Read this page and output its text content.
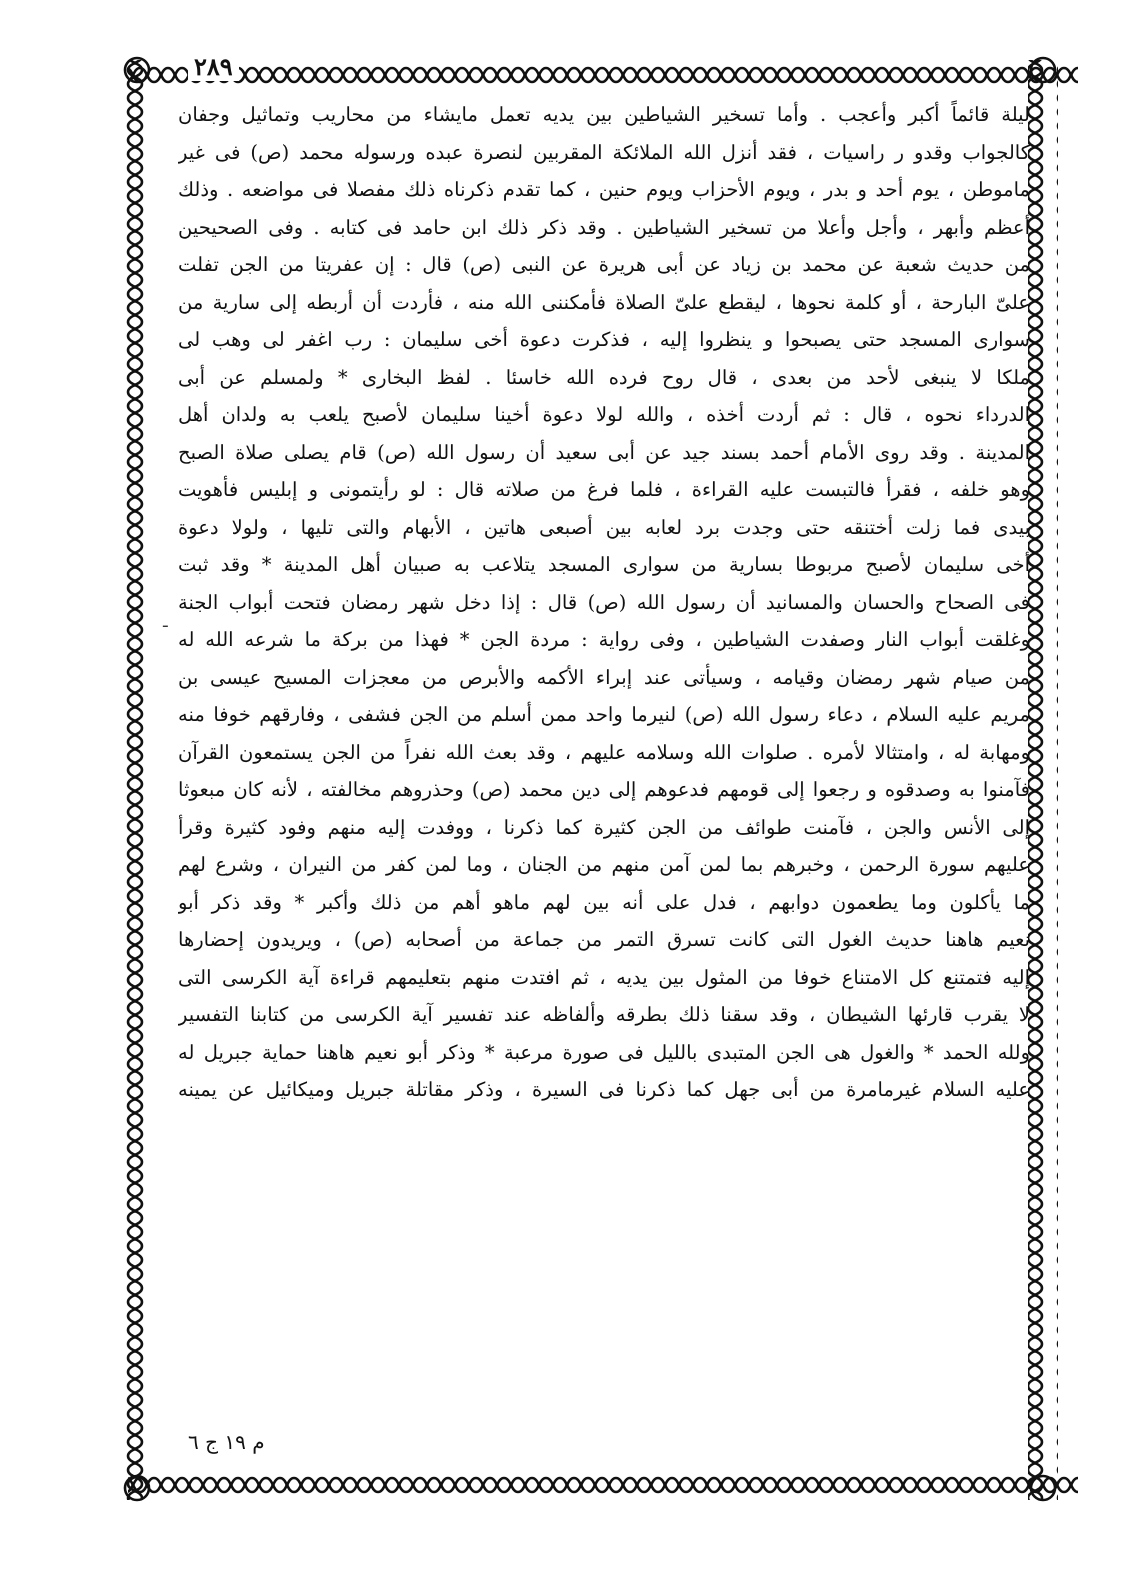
٢٨٩
ـ
ليلة قائماً أكبر وأعجب . وأما تسخير الشياطين بين يديه تعمل مايشاء من محاريب وتماثيل وجفان
كالجواب وقدو ر راسيات ، فقد أنزل الله الملائكة المقربين لنصرة عبده ورسوله محمد (ص) فى غير
ماموطن ، يوم أحد و بدر ، ويوم الأحزاب ويوم حنين ، كما تقدم ذكرناه ذلك مفصلا فى مواضعه . وذلك
أعظم وأبهر ، وأجل وأعلا من تسخير الشياطين . وقد ذكر ذلك ابن حامد فى كتابه . وفى الصحيحين
من حديث شعبة عن محمد بن زياد عن أبى هريرة عن النبى (ص) قال : إن عفريتا من الجن تفلت
علىّ البارحة ، أو كلمة نحوها ، ليقطع علىّ الصلاة فأمكننى الله منه ، فأردت أن أربطه إلى سارية من
سوارى المسجد حتى يصبحوا و ينظروا إليه ، فذكرت دعوة أخى سليمان : رب اغفر لى وهب لى
ملكا لا ينبغى لأحد من بعدى ، قال روح فرده الله خاسئا . لفظ البخارى * ولمسلم عن أبى
الدرداء نحوه ، قال : ثم أردت أخذه ، والله لولا دعوة أخينا سليمان لأصبح يلعب به ولدان أهل
المدينة . وقد روى الأمام أحمد بسند جيد عن أبى سعيد أن رسول الله (ص) قام يصلى صلاة الصبح
وهو خلفه ، فقرأ فالتبست عليه القراءة ، فلما فرغ من صلاته قال : لو رأيتمونى و إبليس فأهويت
بيدى فما زلت أختنقه حتى وجدت برد لعابه بين أصبعى هاتين ، الأبهام والتى تليها ، ولولا دعوة
أخى سليمان لأصبح مربوطا بسارية من سوارى المسجد يتلاعب به صبيان أهل المدينة * وقد ثبت
فى الصحاح والحسان والمسانيد أن رسول الله (ص) قال : إذا دخل شهر رمضان فتحت أبواب الجنة
وغلقت أبواب النار وصفدت الشياطين ، وفى رواية : مردة الجن * فهذا من بركة ما شرعه الله له
من صيام شهر رمضان وقيامه ، وسيأتى عند إبراء الأكمه والأبرص من معجزات المسيح عيسى بن
مريم عليه السلام ، دعاء رسول الله (ص) لنيرما واحد ممن أسلم من الجن فشفى ، وفارقهم خوفا منه
ومهابة له ، وامتثالا لأمره . صلوات الله وسلامه عليهم ، وقد بعث الله نفراً من الجن يستمعون القرآن
فآمنوا به وصدقوه و رجعوا إلى قومهم فدعوهم إلى دين محمد (ص) وحذروهم مخالفته ، لأنه كان مبعوثا
إلى الأنس والجن ، فآمنت طوائف من الجن كثيرة كما ذكرنا ، ووفدت إليه منهم وفود كثيرة وقرأ
عليهم سورة الرحمن ، وخبرهم بما لمن آمن منهم من الجنان ، وما لمن كفر من النيران ، وشرع لهم
ما يأكلون وما يطعمون دوابهم ، فدل على أنه بين لهم ماهو أهم من ذلك وأكبر * وقد ذكر أبو
نعيم هاهنا حديث الغول التى كانت تسرق التمر من جماعة من أصحابه (ص) ، ويريدون إحضارها
إليه فتمتنع كل الامتناع خوفا من المثول بين يديه ، ثم افتدت منهم بتعليمهم قراءة آية الكرسى التى
لا يقرب قارئها الشيطان ، وقد سقنا ذلك بطرقه وألفاظه عند تفسير آية الكرسى من كتابنا التفسير
ولله الحمد * والغول هى الجن المتبدى بالليل فى صورة مرعبة * وذكر أبو نعيم هاهنا حماية جبريل له
عليه السلام غيرمامرة من أبى جهل كما ذكرنا فى السيرة ، وذكر مقاتلة جبريل وميكائيل عن يمينه
م ١٩ ج ٦
